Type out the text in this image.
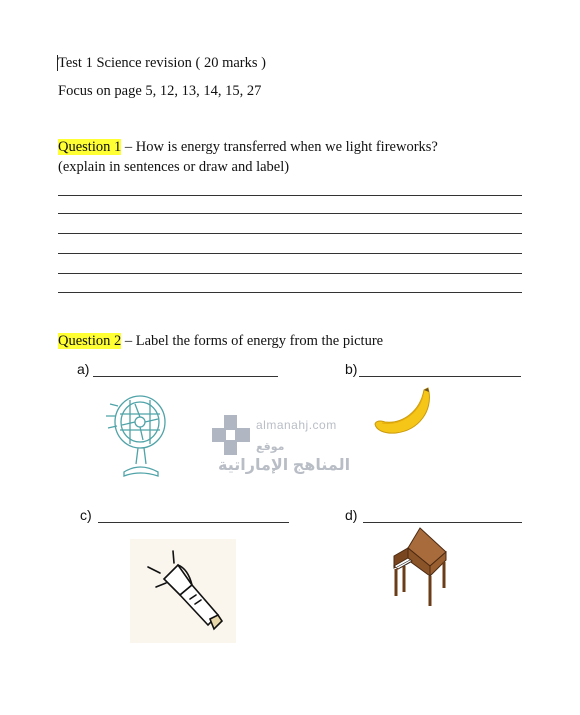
Test 1 Science revision ( 20 marks )
Focus on page 5, 12, 13, 14, 15, 27
Question 1 – How is energy transferred when we light fireworks?
(explain in sentences or draw and label)
Question 2 – Label the forms of energy from the picture
a)	b)
c)	d)
almanahj.com
موقع
المناهج الإماراتية
